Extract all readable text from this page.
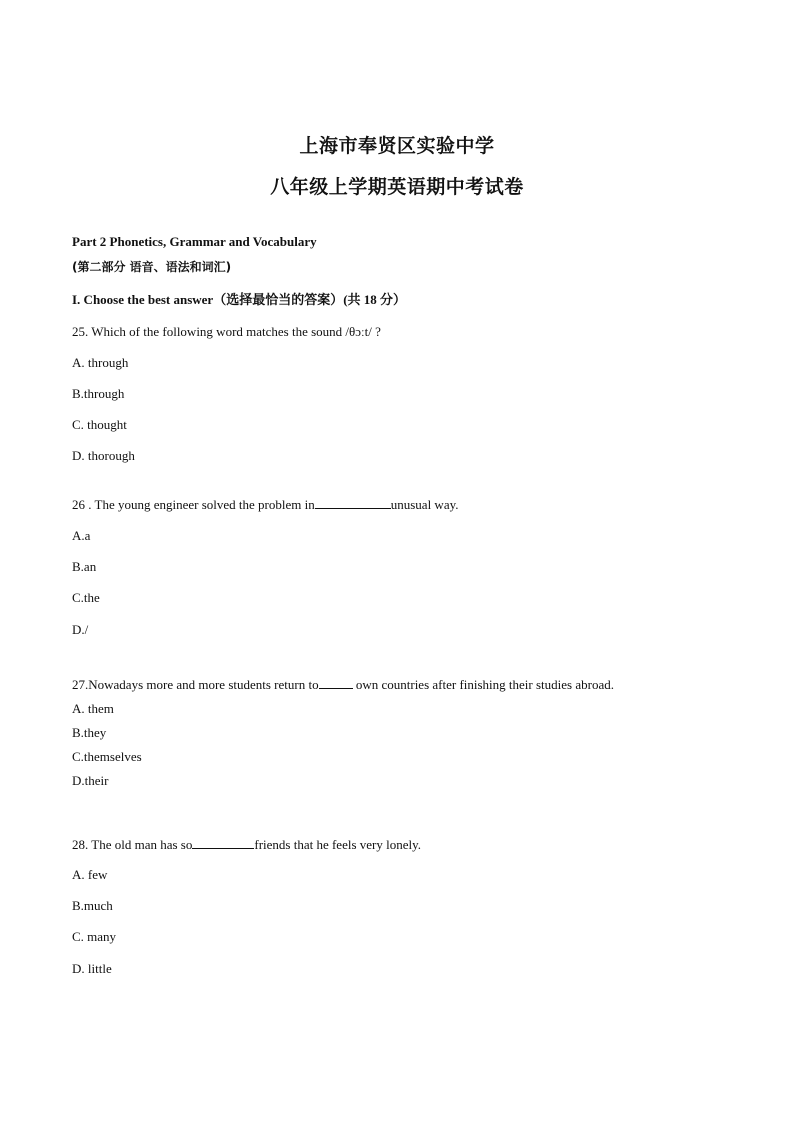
上海市奉贤区实验中学
八年级上学期英语期中考试卷
Part 2 Phonetics, Grammar and Vocabulary
(第二部分 语音、语法和词汇)
I. Choose the best answer（选择最恰当的答案）(共 18 分）
25. Which of the following word matches the sound /θɔːt/ ?
A. through
B.through
C. thought
D. thorough
26 . The young engineer solved the problem in	unusual way.
A.a
B.an
C.the
D./
27.Nowadays more and more students return to	own countries after finishing their studies abroad.
A. them
B.they
C.themselves
D.their
28. The old man has so	friends that he feels very lonely.
A. few
B.much
C. many
D. little
